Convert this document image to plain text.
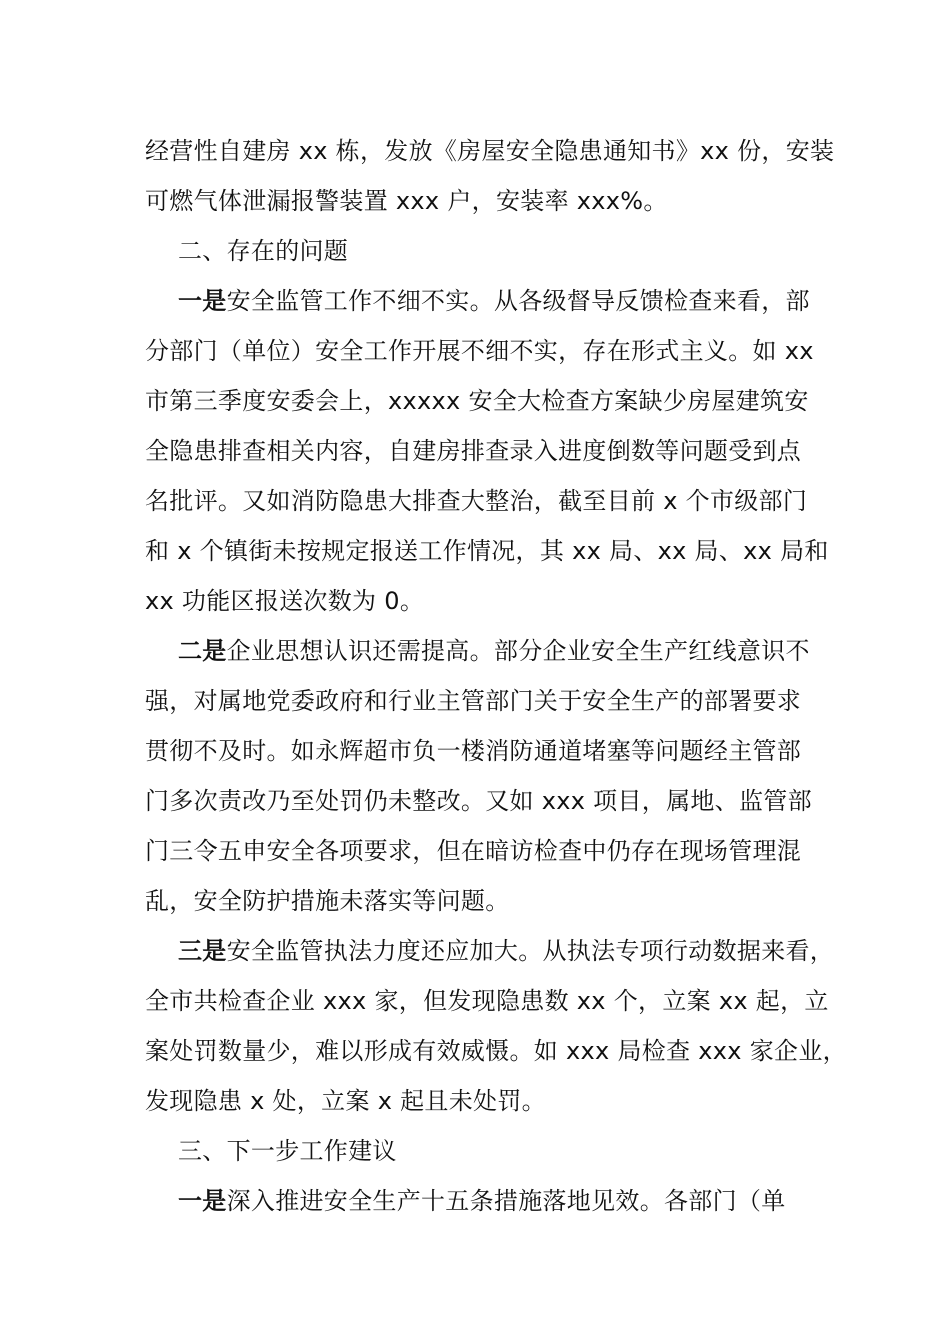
经营性自建房 xx 栋，发放《房屋安全隐患通知书》xx 份，安装
可燃气体泄漏报警装置 xxx 户，安装率 xxx%。
二、存在的问题
一是安全监管工作不细不实。从各级督导反馈检查来看，部
分部门（单位）安全工作开展不细不实，存在形式主义。如 xx
市第三季度安委会上，xxxxx 安全大检查方案缺少房屋建筑安
全隐患排查相关内容，自建房排查录入进度倒数等问题受到点
名批评。又如消防隐患大排查大整治，截至目前 x 个市级部门
和 x 个镇街未按规定报送工作情况，其 xx 局、xx 局、xx 局和
xx 功能区报送次数为 0。
二是企业思想认识还需提高。部分企业安全生产红线意识不
强，对属地党委政府和行业主管部门关于安全生产的部署要求
贯彻不及时。如永辉超市负一楼消防通道堵塞等问题经主管部
门多次责改乃至处罚仍未整改。又如 xxx 项目，属地、监管部
门三令五申安全各项要求，但在暗访检查中仍存在现场管理混
乱，安全防护措施未落实等问题。
三是安全监管执法力度还应加大。从执法专项行动数据来看，
全市共检查企业 xxx 家，但发现隐患数 xx 个，立案 xx 起，立
案处罚数量少，难以形成有效威慑。如 xxx 局检查 xxx 家企业，
发现隐患 x 处，立案 x 起且未处罚。
三、下一步工作建议
一是深入推进安全生产十五条措施落地见效。各部门（单
